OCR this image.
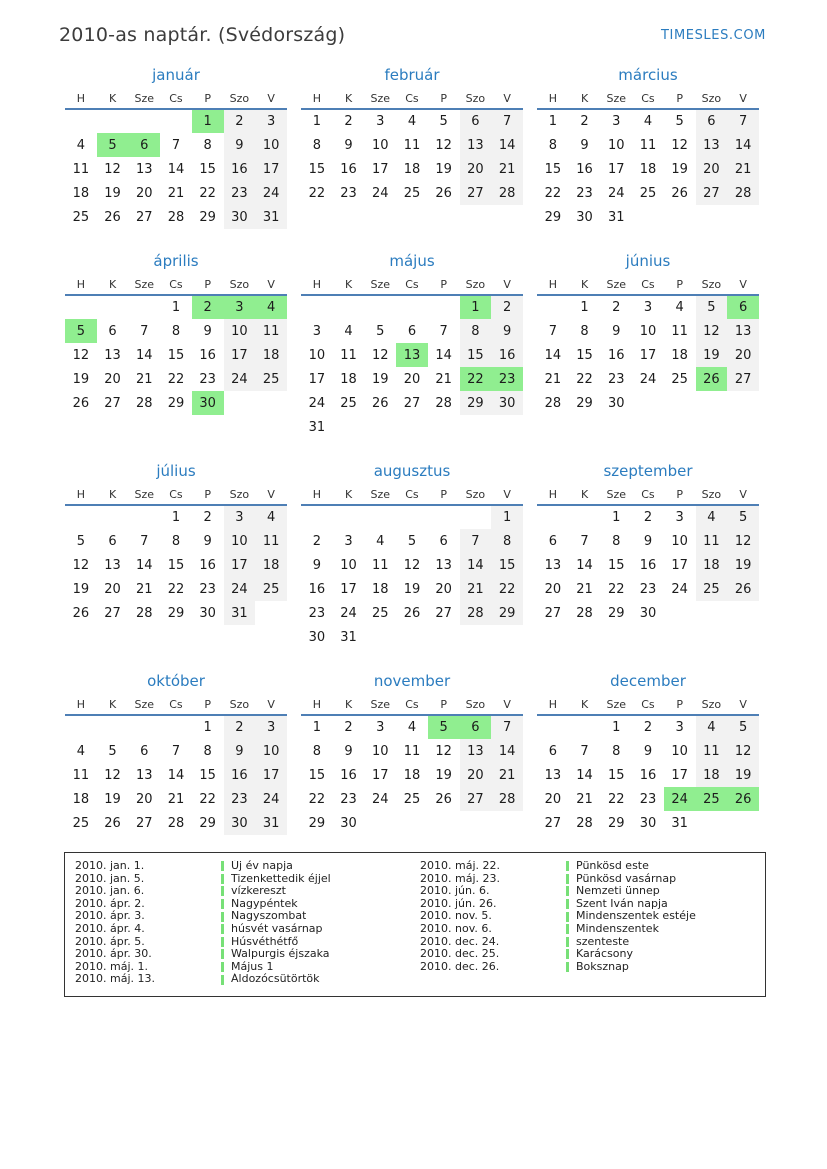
2010-as naptár. (Svédország)	TIMESLES.COM
január
H	K	Sze	Cs	P	Szo	V
				1	2	3
4	5	6	7	8	9	10
11	12	13	14	15	16	17
18	19	20	21	22	23	24
25	26	27	28	29	30	31
február
H	K	Sze	Cs	P	Szo	V
1	2	3	4	5	6	7
8	9	10	11	12	13	14
15	16	17	18	19	20	21
22	23	24	25	26	27	28
március
H	K	Sze	Cs	P	Szo	V
1	2	3	4	5	6	7
8	9	10	11	12	13	14
15	16	17	18	19	20	21
22	23	24	25	26	27	28
29	30	31				
április
H	K	Sze	Cs	P	Szo	V
			1	2	3	4
5	6	7	8	9	10	11
12	13	14	15	16	17	18
19	20	21	22	23	24	25
26	27	28	29	30		
május
H	K	Sze	Cs	P	Szo	V
					1	2
3	4	5	6	7	8	9
10	11	12	13	14	15	16
17	18	19	20	21	22	23
24	25	26	27	28	29	30
31						
június
H	K	Sze	Cs	P	Szo	V
	1	2	3	4	5	6
7	8	9	10	11	12	13
14	15	16	17	18	19	20
21	22	23	24	25	26	27
28	29	30				
július
H	K	Sze	Cs	P	Szo	V
			1	2	3	4
5	6	7	8	9	10	11
12	13	14	15	16	17	18
19	20	21	22	23	24	25
26	27	28	29	30	31	
augusztus
H	K	Sze	Cs	P	Szo	V
						1
2	3	4	5	6	7	8
9	10	11	12	13	14	15
16	17	18	19	20	21	22
23	24	25	26	27	28	29
30	31					
szeptember
H	K	Sze	Cs	P	Szo	V
		1	2	3	4	5
6	7	8	9	10	11	12
13	14	15	16	17	18	19
20	21	22	23	24	25	26
27	28	29	30			
október
H	K	Sze	Cs	P	Szo	V
				1	2	3
4	5	6	7	8	9	10
11	12	13	14	15	16	17
18	19	20	21	22	23	24
25	26	27	28	29	30	31
november
H	K	Sze	Cs	P	Szo	V
1	2	3	4	5	6	7
8	9	10	11	12	13	14
15	16	17	18	19	20	21
22	23	24	25	26	27	28
29	30					
december
H	K	Sze	Cs	P	Szo	V
		1	2	3	4	5
6	7	8	9	10	11	12
13	14	15	16	17	18	19
20	21	22	23	24	25	26
27	28	29	30	31		
2010. jan. 1.	Új év napja
2010. jan. 5.	Tizenkettedik éjjel
2010. jan. 6.	vízkereszt
2010. ápr. 2.	Nagypéntek
2010. ápr. 3.	Nagyszombat
2010. ápr. 4.	húsvét vasárnap
2010. ápr. 5.	Húsvéthétfő
2010. ápr. 30.	Walpurgis éjszaka
2010. máj. 1.	Május 1
2010. máj. 13.	Áldozócsütörtök
2010. máj. 22.	Pünkösd este
2010. máj. 23.	Pünkösd vasárnap
2010. jún. 6.	Nemzeti ünnep
2010. jún. 26.	Szent Iván napja
2010. nov. 5.	Mindenszentek estéje
2010. nov. 6.	Mindenszentek
2010. dec. 24.	szenteste
2010. dec. 25.	Karácsony
2010. dec. 26.	Boksznap
